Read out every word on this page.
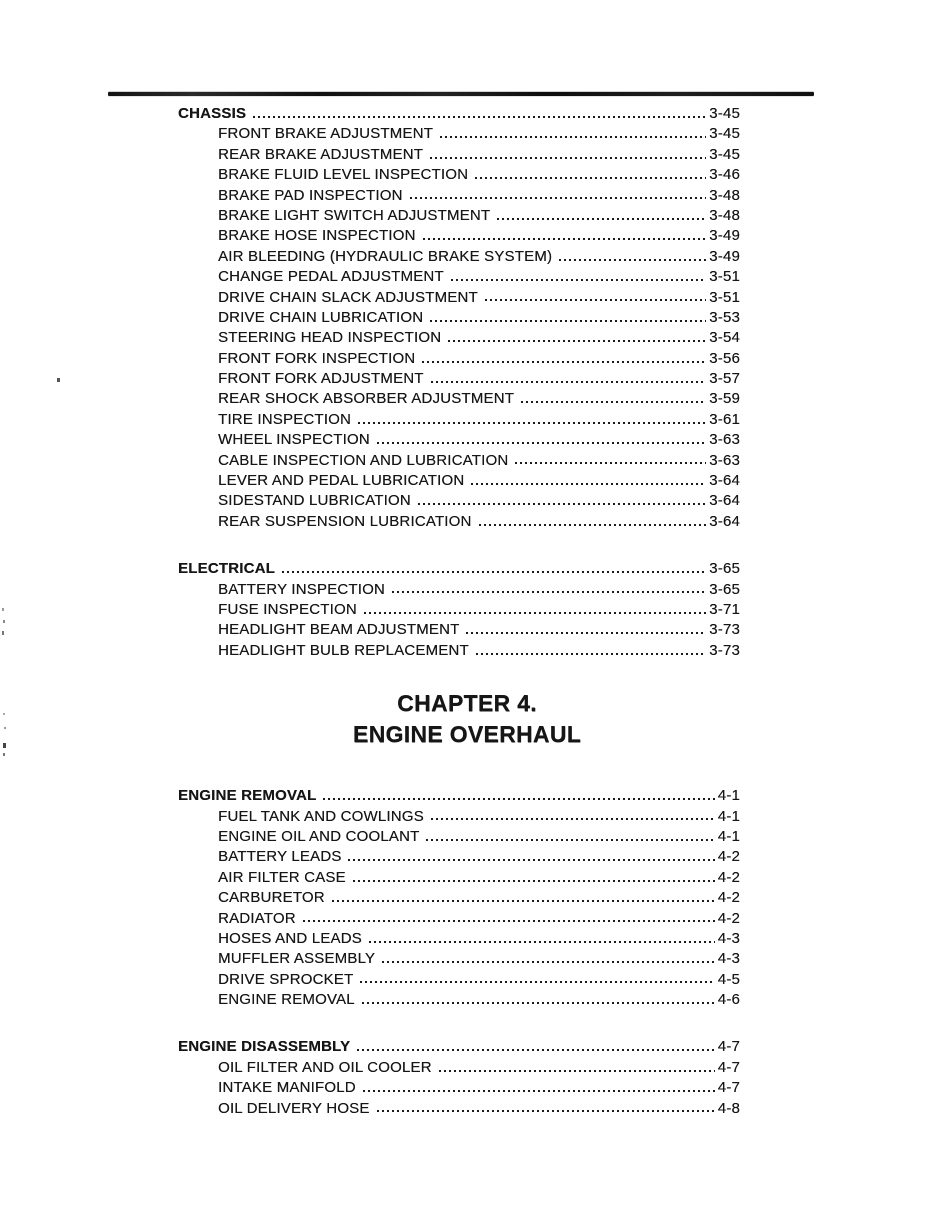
CHASSIS	3-45
FRONT BRAKE ADJUSTMENT	3-45
REAR BRAKE ADJUSTMENT	3-45
BRAKE FLUID LEVEL INSPECTION	3-46
BRAKE PAD INSPECTION	3-48
BRAKE LIGHT SWITCH ADJUSTMENT	3-48
BRAKE HOSE INSPECTION	3-49
AIR BLEEDING (HYDRAULIC BRAKE SYSTEM)	3-49
CHANGE PEDAL ADJUSTMENT	3-51
DRIVE CHAIN SLACK ADJUSTMENT	3-51
DRIVE CHAIN LUBRICATION	3-53
STEERING HEAD INSPECTION	3-54
FRONT FORK INSPECTION	3-56
FRONT FORK ADJUSTMENT	3-57
REAR SHOCK ABSORBER ADJUSTMENT	3-59
TIRE INSPECTION	3-61
WHEEL INSPECTION	3-63
CABLE INSPECTION AND LUBRICATION	3-63
LEVER AND PEDAL LUBRICATION	3-64
SIDESTAND LUBRICATION	3-64
REAR SUSPENSION LUBRICATION	3-64
ELECTRICAL	3-65
BATTERY INSPECTION	3-65
FUSE INSPECTION	3-71
HEADLIGHT BEAM ADJUSTMENT	3-73
HEADLIGHT BULB REPLACEMENT	3-73
CHAPTER 4.
ENGINE OVERHAUL
ENGINE REMOVAL	4-1
FUEL TANK AND COWLINGS	4-1
ENGINE OIL AND COOLANT	4-1
BATTERY LEADS	4-2
AIR FILTER CASE	4-2
CARBURETOR	4-2
RADIATOR	4-2
HOSES AND LEADS	4-3
MUFFLER ASSEMBLY	4-3
DRIVE SPROCKET	4-5
ENGINE REMOVAL	4-6
ENGINE DISASSEMBLY	4-7
OIL FILTER AND OIL COOLER	4-7
INTAKE MANIFOLD	4-7
OIL DELIVERY HOSE	4-8
